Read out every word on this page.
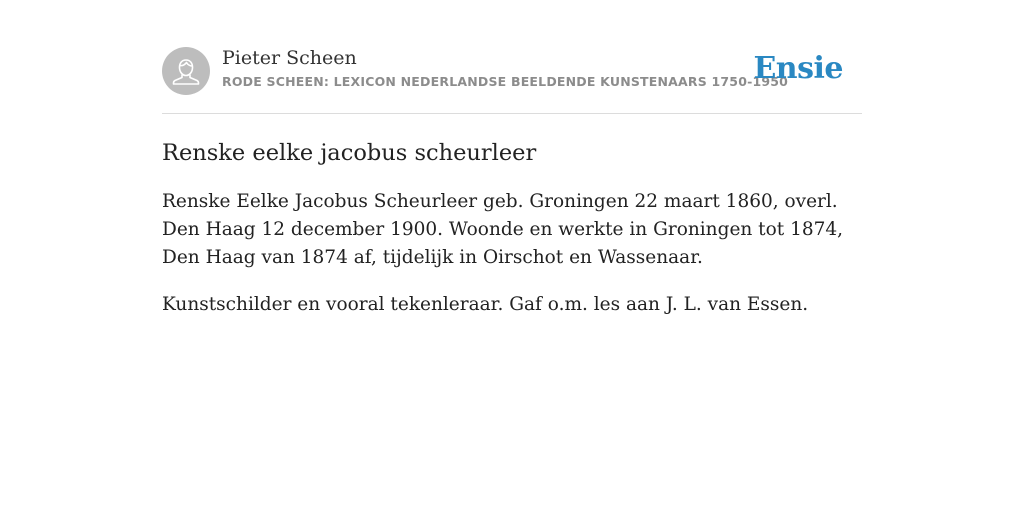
Pieter Scheen
RODE SCHEEN: LEXICON NEDERLANDSE BEELDENDE KUNSTENAARS 1750-1950
Ensie
Renske eelke jacobus scheurleer

Renske Eelke Jacobus Scheurleer geb. Groningen 22 maart 1860, overl. Den Haag 12 december 1900. Woonde en werkte in Groningen tot 1874, Den Haag van 1874 af, tijdelijk in Oirschot en Wassenaar.

Kunstschilder en vooral tekenleraar. Gaf o.m. les aan J. L. van Essen.
